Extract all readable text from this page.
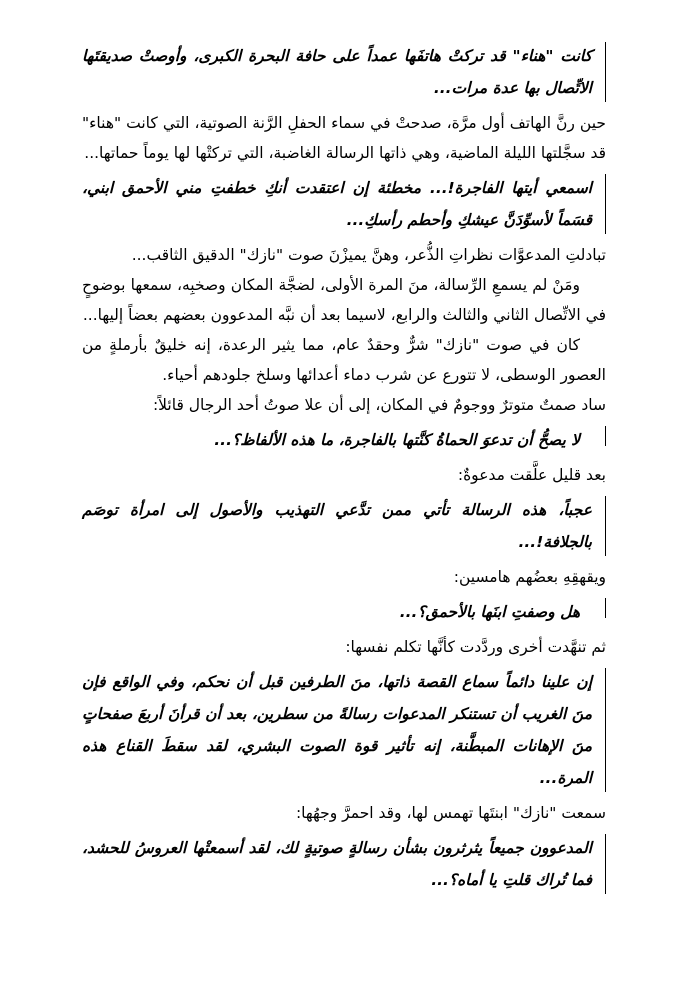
كانت "هناء" قد تركتْ هاتفَها عمداً على حافة البحرة الكبرى، وأوصتْ صديقتَها الاتِّصال بها عدة مرات...

حين رنَّ الهاتف أول مرَّة، صدحتْ في سماء الحفلِ الرَّنة الصوتية، التي كانت "هناء" قد سجَّلتها الليلة الماضية، وهي ذاتها الرسالة الغاضبة، التي تركتْها لها يوماً حماتها...

اسمعي أيتها الفاجرة!... مخطئة إن اعتقدت أنكِ خطفتِ مني الأحمق ابني، قسَماً لأسوِّدَنَّ عيشكِ وأحطم رأسكِ...

تبادلتِ المدعوَّات نظراتِ الذُّعر، وهنَّ يميزْنَ صوت "نازك" الدقيق الثاقب...

ومَنْ لم يسمعِ الرِّسالة، منَ المرة الأولى، لضجَّة المكان وصخبِه، سمعها بوضوحٍ في الاتِّصال الثاني والثالث والرابع، لاسيما بعد أن نبَّه المدعوون بعضهم بعضاً إليها...

كان في صوت "نازك" شرٌّ وحقدٌ عام، مما يثير الرعدة، إنه خليقٌ بأرملةٍ من العصور الوسطى، لا تتورع عن شرب دماء أعدائها وسلخ جلودهم أحياء.

ساد صمتٌ متوترٌ ووجومٌ في المكان، إلى أن علا صوتُ أحد الرجال قائلاً:

لا يصحُّ أن تدعوَ الحماةُ كنَّتها بالفاجرة، ما هذه الألفاظ؟...

بعد قليل علَّقت مدعوةٌ:

عجباً، هذه الرسالة تأتي ممن تدَّعي التهذيب والأصول إلى امرأة توصَم بالجلافة!...

ويقهقِهِ بعضُهم هامسين:

هل وصفتِ ابنَها بالأحمق؟...

ثم تنهَّدت أخرى وردَّدت كأنَّها تكلم نفسها:

إن علينا دائماً سماع القصة ذاتها، منَ الطرفين قبل أن نحكم، وفي الواقع فإن منَ الغريب أن تستنكر المدعوات رسالةً من سطرين، بعد أن قرأنَ أربعَ صفحاتٍ منَ الإهانات المبطَّنة، إنه تأثير قوة الصوت البشري، لقد سقطَ القناع هذه المرة...

سمعت "نازك" ابنتَها تهمس لها، وقد احمرَّ وجهُها:

المدعوون جميعاً يثرثرون بشأن رسالةٍ صوتيةٍ لك، لقد أسمعتْها العروسُ للحشد، فما تُراك قلتِ يا أماه؟...
